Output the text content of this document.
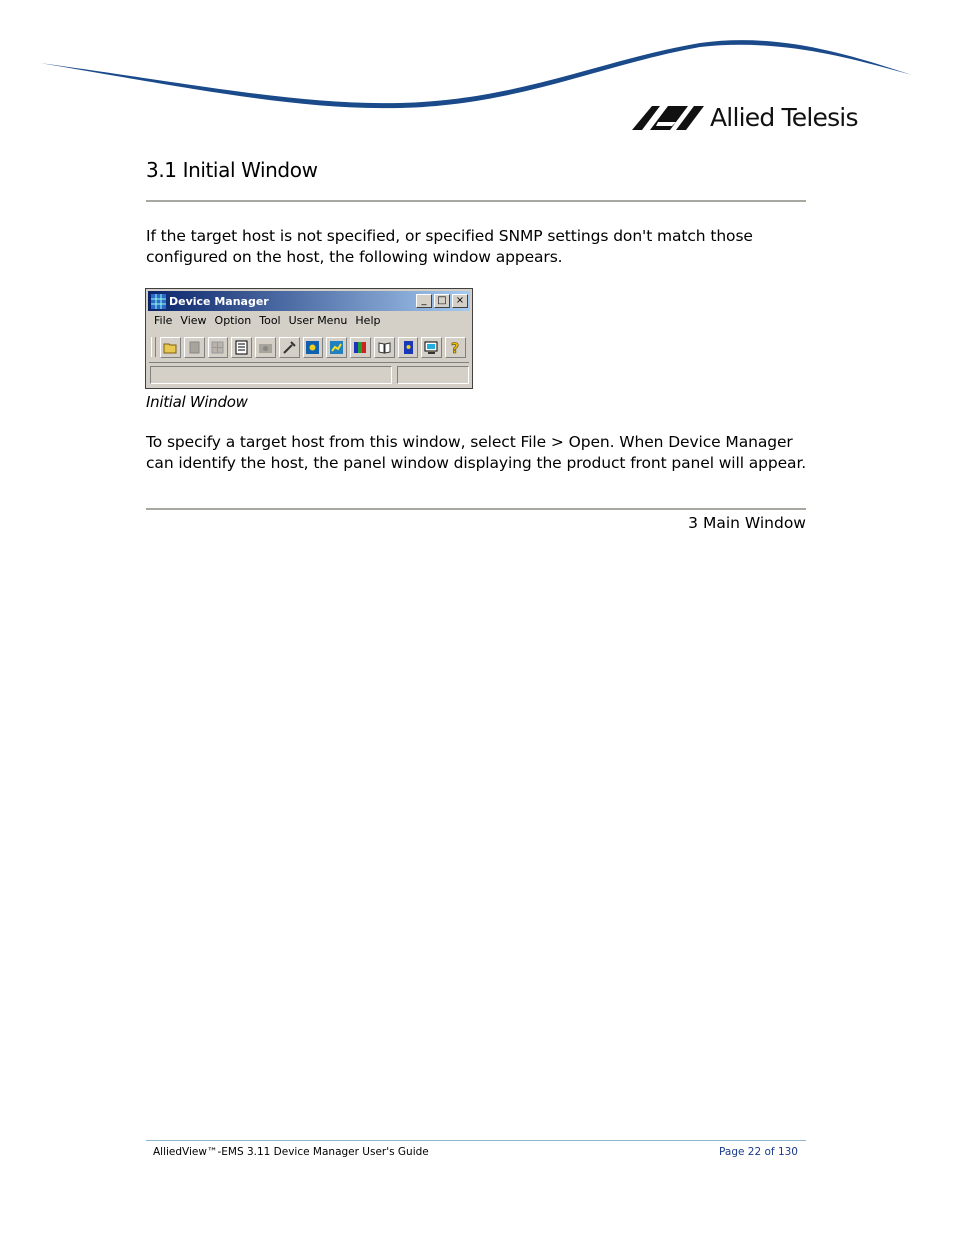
Allied Telesis
3.1 Initial Window

If the target host is not specified, or specified SNMP settings don't match those configured on the host, the following window appears.

Device Manager	_	□ ×
File View Option Tool User Menu Help
?
Initial Window

To specify a target host from this window, select File > Open. When Device Manager can identify the host, the panel window displaying the product front panel will appear.

3 Main Window
AlliedView™-EMS 3.11 Device Manager User's Guide	Page 22 of 130
